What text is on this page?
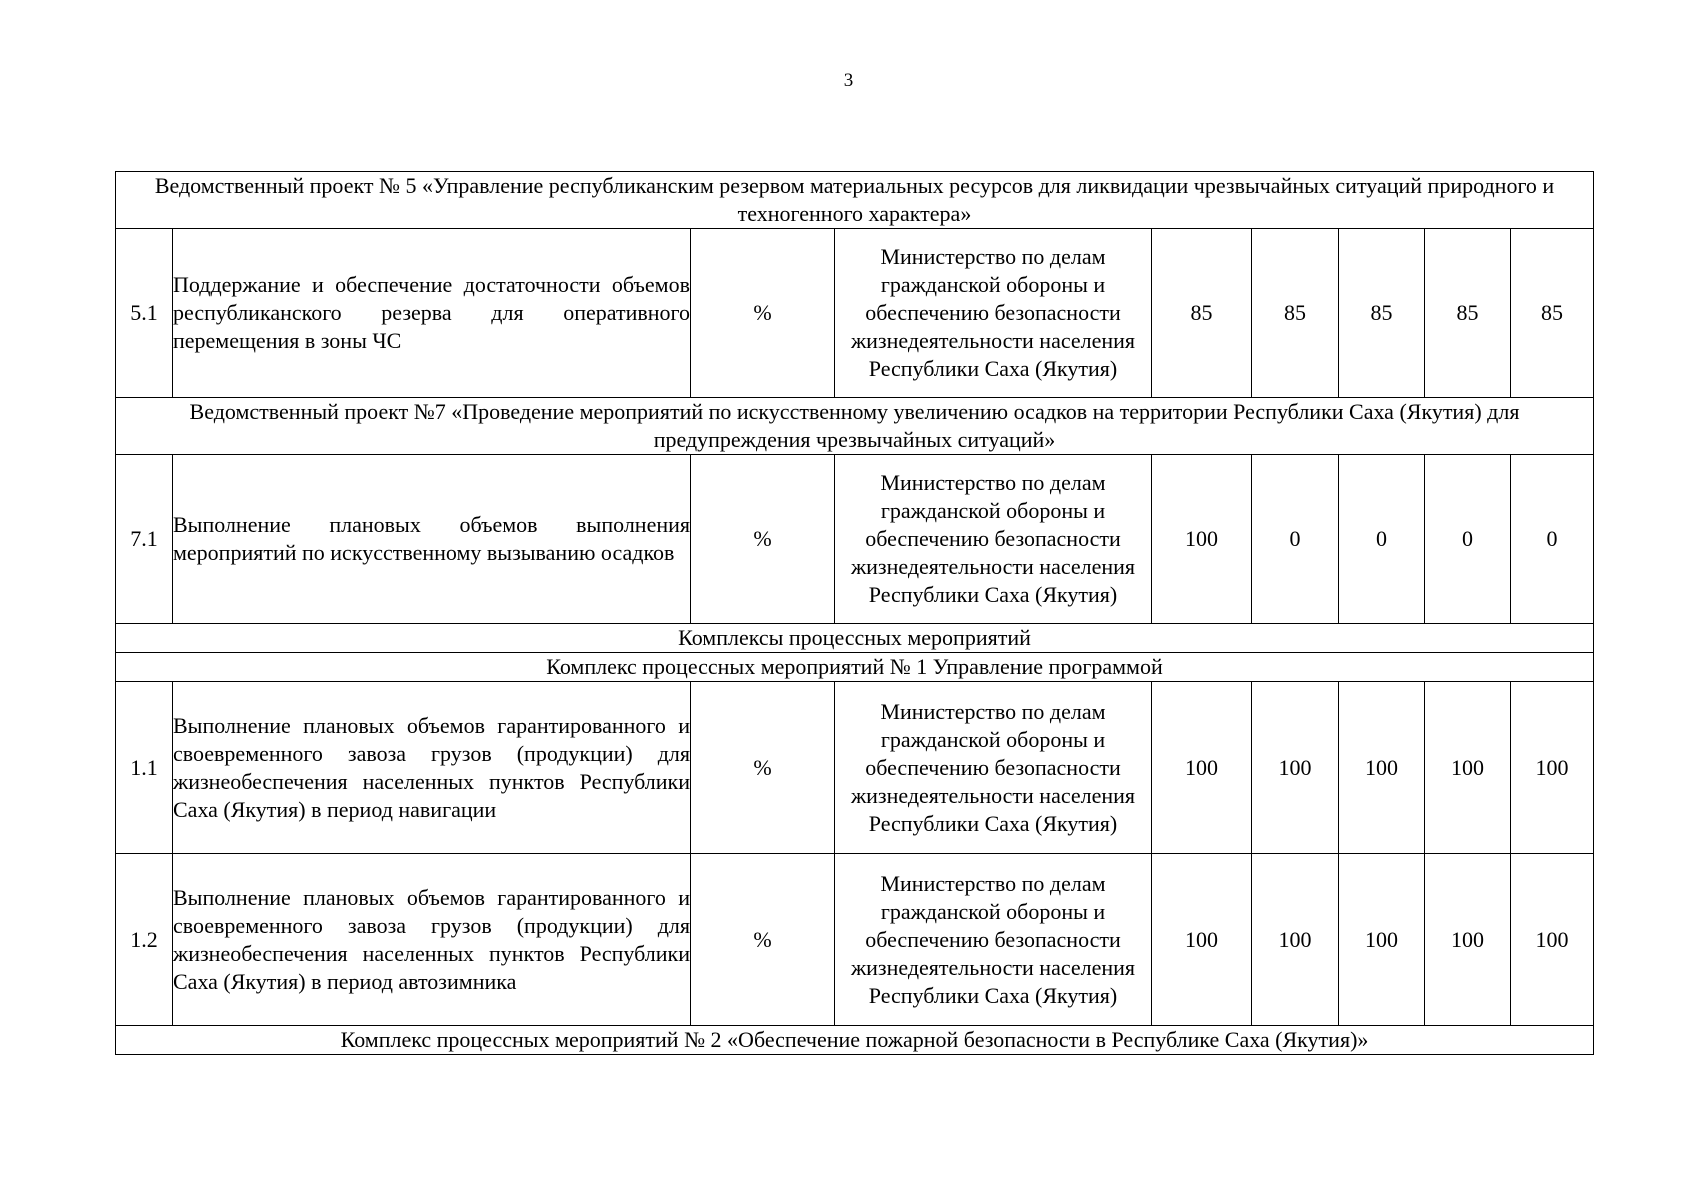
3
Ведомственный проект № 5 «Управление республиканским резервом материальных ресурсов для ликвидации чрезвычайных ситуаций природного и техногенного характера»								
5.1	Поддержание и обеспечение достаточности объемов республиканского резерва для оперативного перемещения в зоны ЧС	%	Министерство по делам гражданской обороны и обеспечению безопасности жизнедеятельности населения Республики Саха (Якутия)	85	85	85	85	85
Ведомственный проект №7 «Проведение мероприятий по искусственному увеличению осадков на территории Республики Саха (Якутия) для предупреждения чрезвычайных ситуаций»								
7.1	Выполнение плановых объемов выполнения мероприятий по искусственному вызыванию осадков	%	Министерство по делам гражданской обороны и обеспечению безопасности жизнедеятельности населения Республики Саха (Якутия)	100	0	0	0	0
Комплексы процессных мероприятий								
Комплекс процессных мероприятий № 1 Управление программой								
1.1	Выполнение плановых объемов гарантированного и своевременного завоза грузов (продукции) для жизнеобеспечения населенных пунктов Республики Саха (Якутия) в период навигации	%	Министерство по делам гражданской обороны и обеспечению безопасности жизнедеятельности населения Республики Саха (Якутия)	100	100	100	100	100
1.2	Выполнение плановых объемов гарантированного и своевременного завоза грузов (продукции) для жизнеобеспечения населенных пунктов Республики Саха (Якутия) в период автозимника	%	Министерство по делам гражданской обороны и обеспечению безопасности жизнедеятельности населения Республики Саха (Якутия)	100	100	100	100	100
Комплекс процессных мероприятий № 2 «Обеспечение пожарной безопасности в Республике Саха (Якутия)»								
